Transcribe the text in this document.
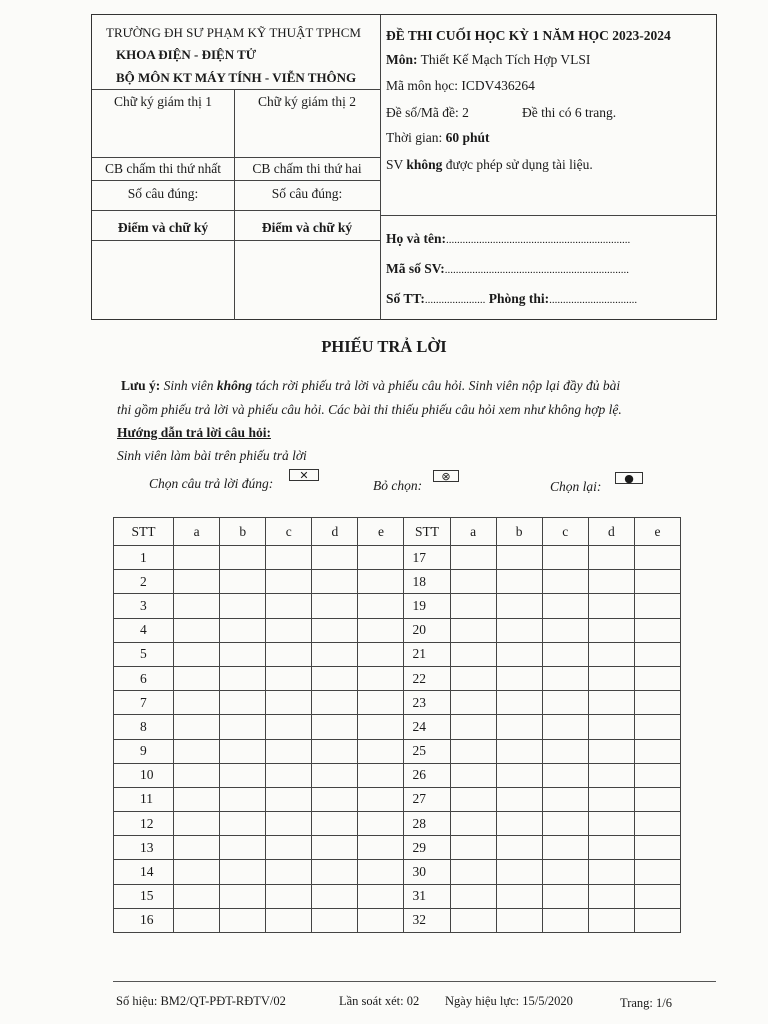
TRƯỜNG ĐH SƯ PHẠM KỸ THUẬT TPHCM
KHOA ĐIỆN - ĐIỆN TỬ
BỘ MÔN KT MÁY TÍNH - VIỄN THÔNG
Chữ ký giám thị 1	Chữ ký giám thị 2
CB chấm thi thứ nhất	CB chấm thi thứ hai
Số câu đúng:	Số câu đúng:
Điểm và chữ ký	Điểm và chữ ký
ĐỀ THI CUỐI HỌC KỲ 1 NĂM HỌC 2023-2024
Môn: Thiết Kế Mạch Tích Hợp VLSI
Mã môn học: ICDV436264
Đề số/Mã đề: 2	Đề thi có 6 trang.
Thời gian: 60 phút
SV không được phép sử dụng tài liệu.
Họ và tên:...................................................................
Mã số SV:...................................................................
Số TT:...................... Phòng thi:................................
PHIẾU TRẢ LỜI
Lưu ý: Sinh viên không tách rời phiếu trả lời và phiếu câu hỏi. Sinh viên nộp lại đầy đủ bài
thi gồm phiếu trả lời và phiếu câu hỏi. Các bài thi thiếu phiếu câu hỏi xem như không hợp lệ.
Hướng dẫn trả lời câu hỏi:
Sinh viên làm bài trên phiếu trả lời
Chọn câu trả lời đúng:
✕
Bỏ chọn:
⊗
Chọn lại:
●
STT	a	b	c	d	e	STT	a	b	c	d	e
1						17					
2						18					
3						19					
4						20					
5						21					
6						22					
7						23					
8						24					
9						25					
10						26					
11						27					
12						28					
13						29					
14						30					
15						31					
16						32					
Số hiệu: BM2/QT-PĐT-RĐTV/02	Lần soát xét: 02 Ngày hiệu lực: 15/5/2020	Trang: 1/6
